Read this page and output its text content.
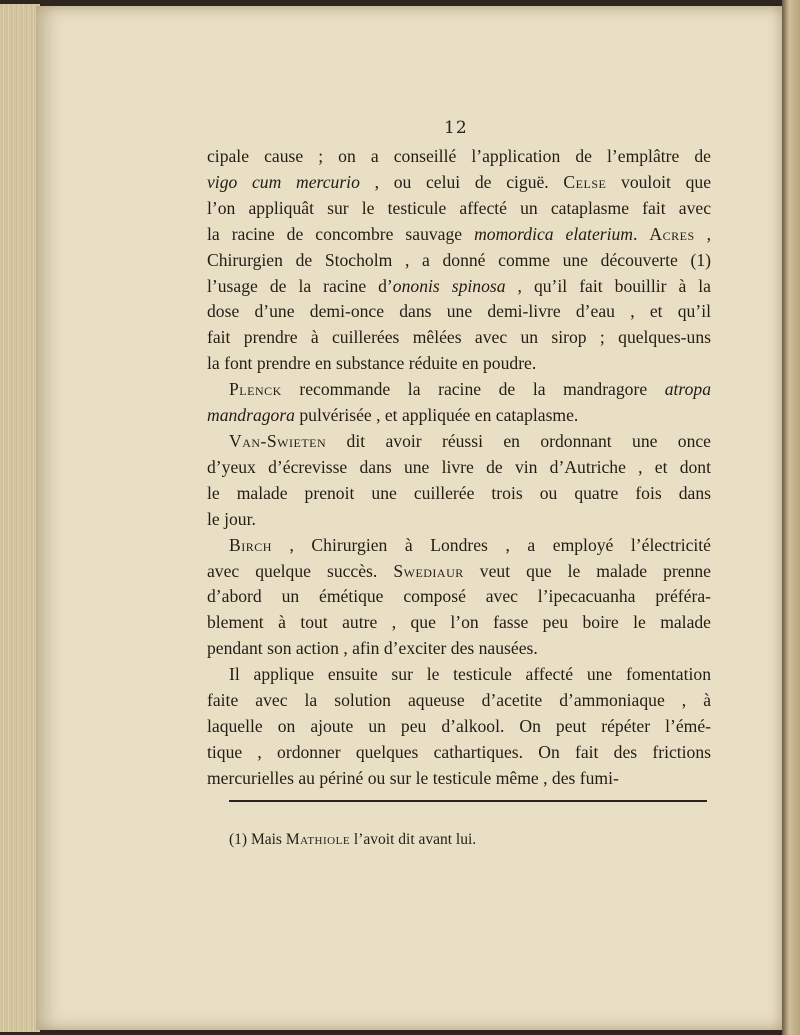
12
cipale cause ; on a conseillé l’application de l’emplâtre de
vigo cum mercurio , ou celui de ciguë. Celse vouloit que
l’on appliquât sur le testicule affecté un cataplasme fait avec
la racine de concombre sauvage momordica elaterium. Acres ,
Chirurgien de Stocholm , a donné comme une découverte (1)
l’usage de la racine d’ononis spinosa , qu’il fait bouillir à la
dose d’une demi-once dans une demi-livre d’eau , et qu’il
fait prendre à cuillerées mêlées avec un sirop ; quelques-uns
la font prendre en substance réduite en poudre.
Plenck recommande la racine de la mandragore atropa
mandragora pulvérisée , et appliquée en cataplasme.
Van-Swieten dit avoir réussi en ordonnant une once
d’yeux d’écrevisse dans une livre de vin d’Autriche , et dont
le malade prenoit une cuillerée trois ou quatre fois dans
le jour.
Birch , Chirurgien à Londres , a employé l’électricité
avec quelque succès. Swediaur veut que le malade prenne
d’abord un émétique composé avec l’ipecacuanha préféra-
blement à tout autre , que l’on fasse peu boire le malade
pendant son action , afin d’exciter des nausées.
Il applique ensuite sur le testicule affecté une fomentation
faite avec la solution aqueuse d’acetite d’ammoniaque , à
laquelle on ajoute un peu d’alkool. On peut répéter l’émé-
tique , ordonner quelques cathartiques. On fait des frictions
mercurielles au périné ou sur le testicule même , des fumi-
(1) Mais Mathiole l’avoit dit avant lui.
